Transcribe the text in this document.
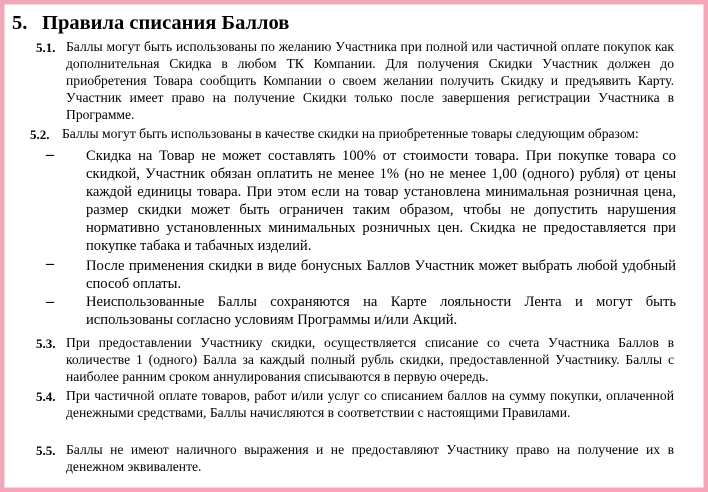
5. Правила списания Баллов
5.1. Баллы могут быть использованы по желанию Участника при полной или частичной оплате покупок как дополнительная Скидка в любом ТК Компании. Для получения Скидки Участник должен до приобретения Товара сообщить Компании о своем желании получить Скидку и предъявить Карту. Участник имеет право на получение Скидки только после завершения регистрации Участника в Программе.
5.2. Баллы могут быть использованы в качестве скидки на приобретенные товары следующим образом:
– Скидка на Товар не может составлять 100% от стоимости товара. При покупке товара со скидкой, Участник обязан оплатить не менее 1% (но не менее 1,00 (одного) рубля) от цены каждой единицы товара. При этом если на товар установлена минимальная розничная цена, размер скидки может быть ограничен таким образом, чтобы не допустить нарушения нормативно установленных минимальных розничных цен. Скидка не предоставляется при покупке табака и табачных изделий.
– После применения скидки в виде бонусных Баллов Участник может выбрать любой удобный способ оплаты.
– Неиспользованные Баллы сохраняются на Карте лояльности Лента и могут быть использованы согласно условиям Программы и/или Акций.
5.3. При предоставлении Участнику скидки, осуществляется списание со счета Участника Баллов в количестве 1 (одного) Балла за каждый полный рубль скидки, предоставленной Участнику. Баллы с наиболее ранним сроком аннулирования списываются в первую очередь.
5.4. При частичной оплате товаров, работ и/или услуг со списанием баллов на сумму покупки, оплаченной денежными средствами, Баллы начисляются в соответствии с настоящими Правилами.
5.5. Баллы не имеют наличного выражения и не предоставляют Участнику право на получение их в денежном эквиваленте.
